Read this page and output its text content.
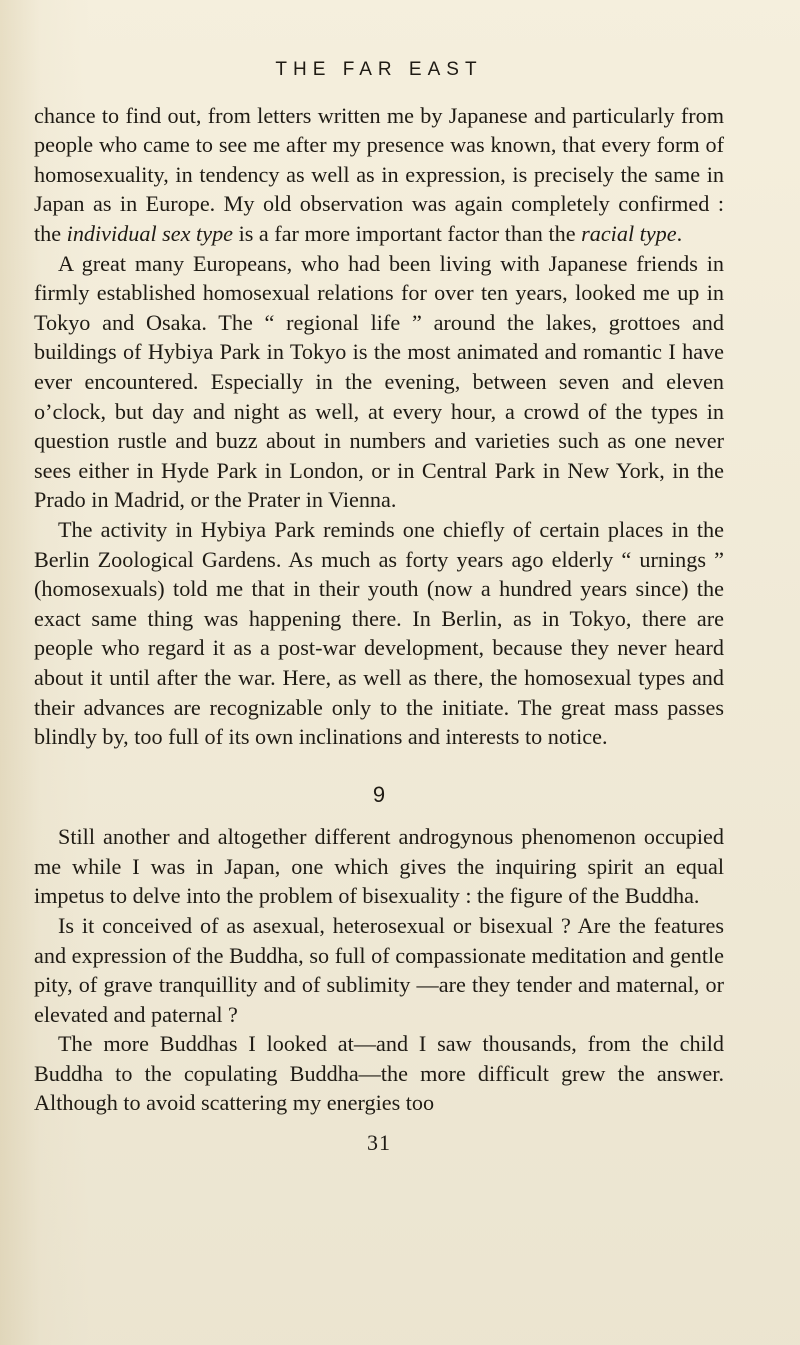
THE FAR EAST

chance to find out, from letters written me by Japanese and particularly from people who came to see me after my presence was known, that every form of homosexuality, in tendency as well as in expression, is precisely the same in Japan as in Europe. My old observation was again completely confirmed : the individual sex type is a far more important factor than the racial type.

A great many Europeans, who had been living with Japanese friends in firmly established homosexual relations for over ten years, looked me up in Tokyo and Osaka. The “ regional life ” around the lakes, grottoes and buildings of Hybiya Park in Tokyo is the most animated and romantic I have ever encountered. Especially in the evening, between seven and eleven o’clock, but day and night as well, at every hour, a crowd of the types in question rustle and buzz about in numbers and varieties such as one never sees either in Hyde Park in London, or in Central Park in New York, in the Prado in Madrid, or the Prater in Vienna.

The activity in Hybiya Park reminds one chiefly of certain places in the Berlin Zoological Gardens. As much as forty years ago elderly “ urnings ” (homosexuals) told me that in their youth (now a hundred years since) the exact same thing was happening there. In Berlin, as in Tokyo, there are people who regard it as a post-war development, because they never heard about it until after the war. Here, as well as there, the homosexual types and their advances are recognizable only to the initiate. The great mass passes blindly by, too full of its own inclinations and interests to notice.

9

Still another and altogether different androgynous phenomenon occupied me while I was in Japan, one which gives the inquiring spirit an equal impetus to delve into the problem of bisexuality : the figure of the Buddha.

Is it conceived of as asexual, heterosexual or bisexual ? Are the features and expression of the Buddha, so full of compassionate meditation and gentle pity, of grave tranquillity and of sublimity —are they tender and maternal, or elevated and paternal ?

The more Buddhas I looked at—and I saw thousands, from the child Buddha to the copulating Buddha—the more difficult grew the answer. Although to avoid scattering my energies too

31
